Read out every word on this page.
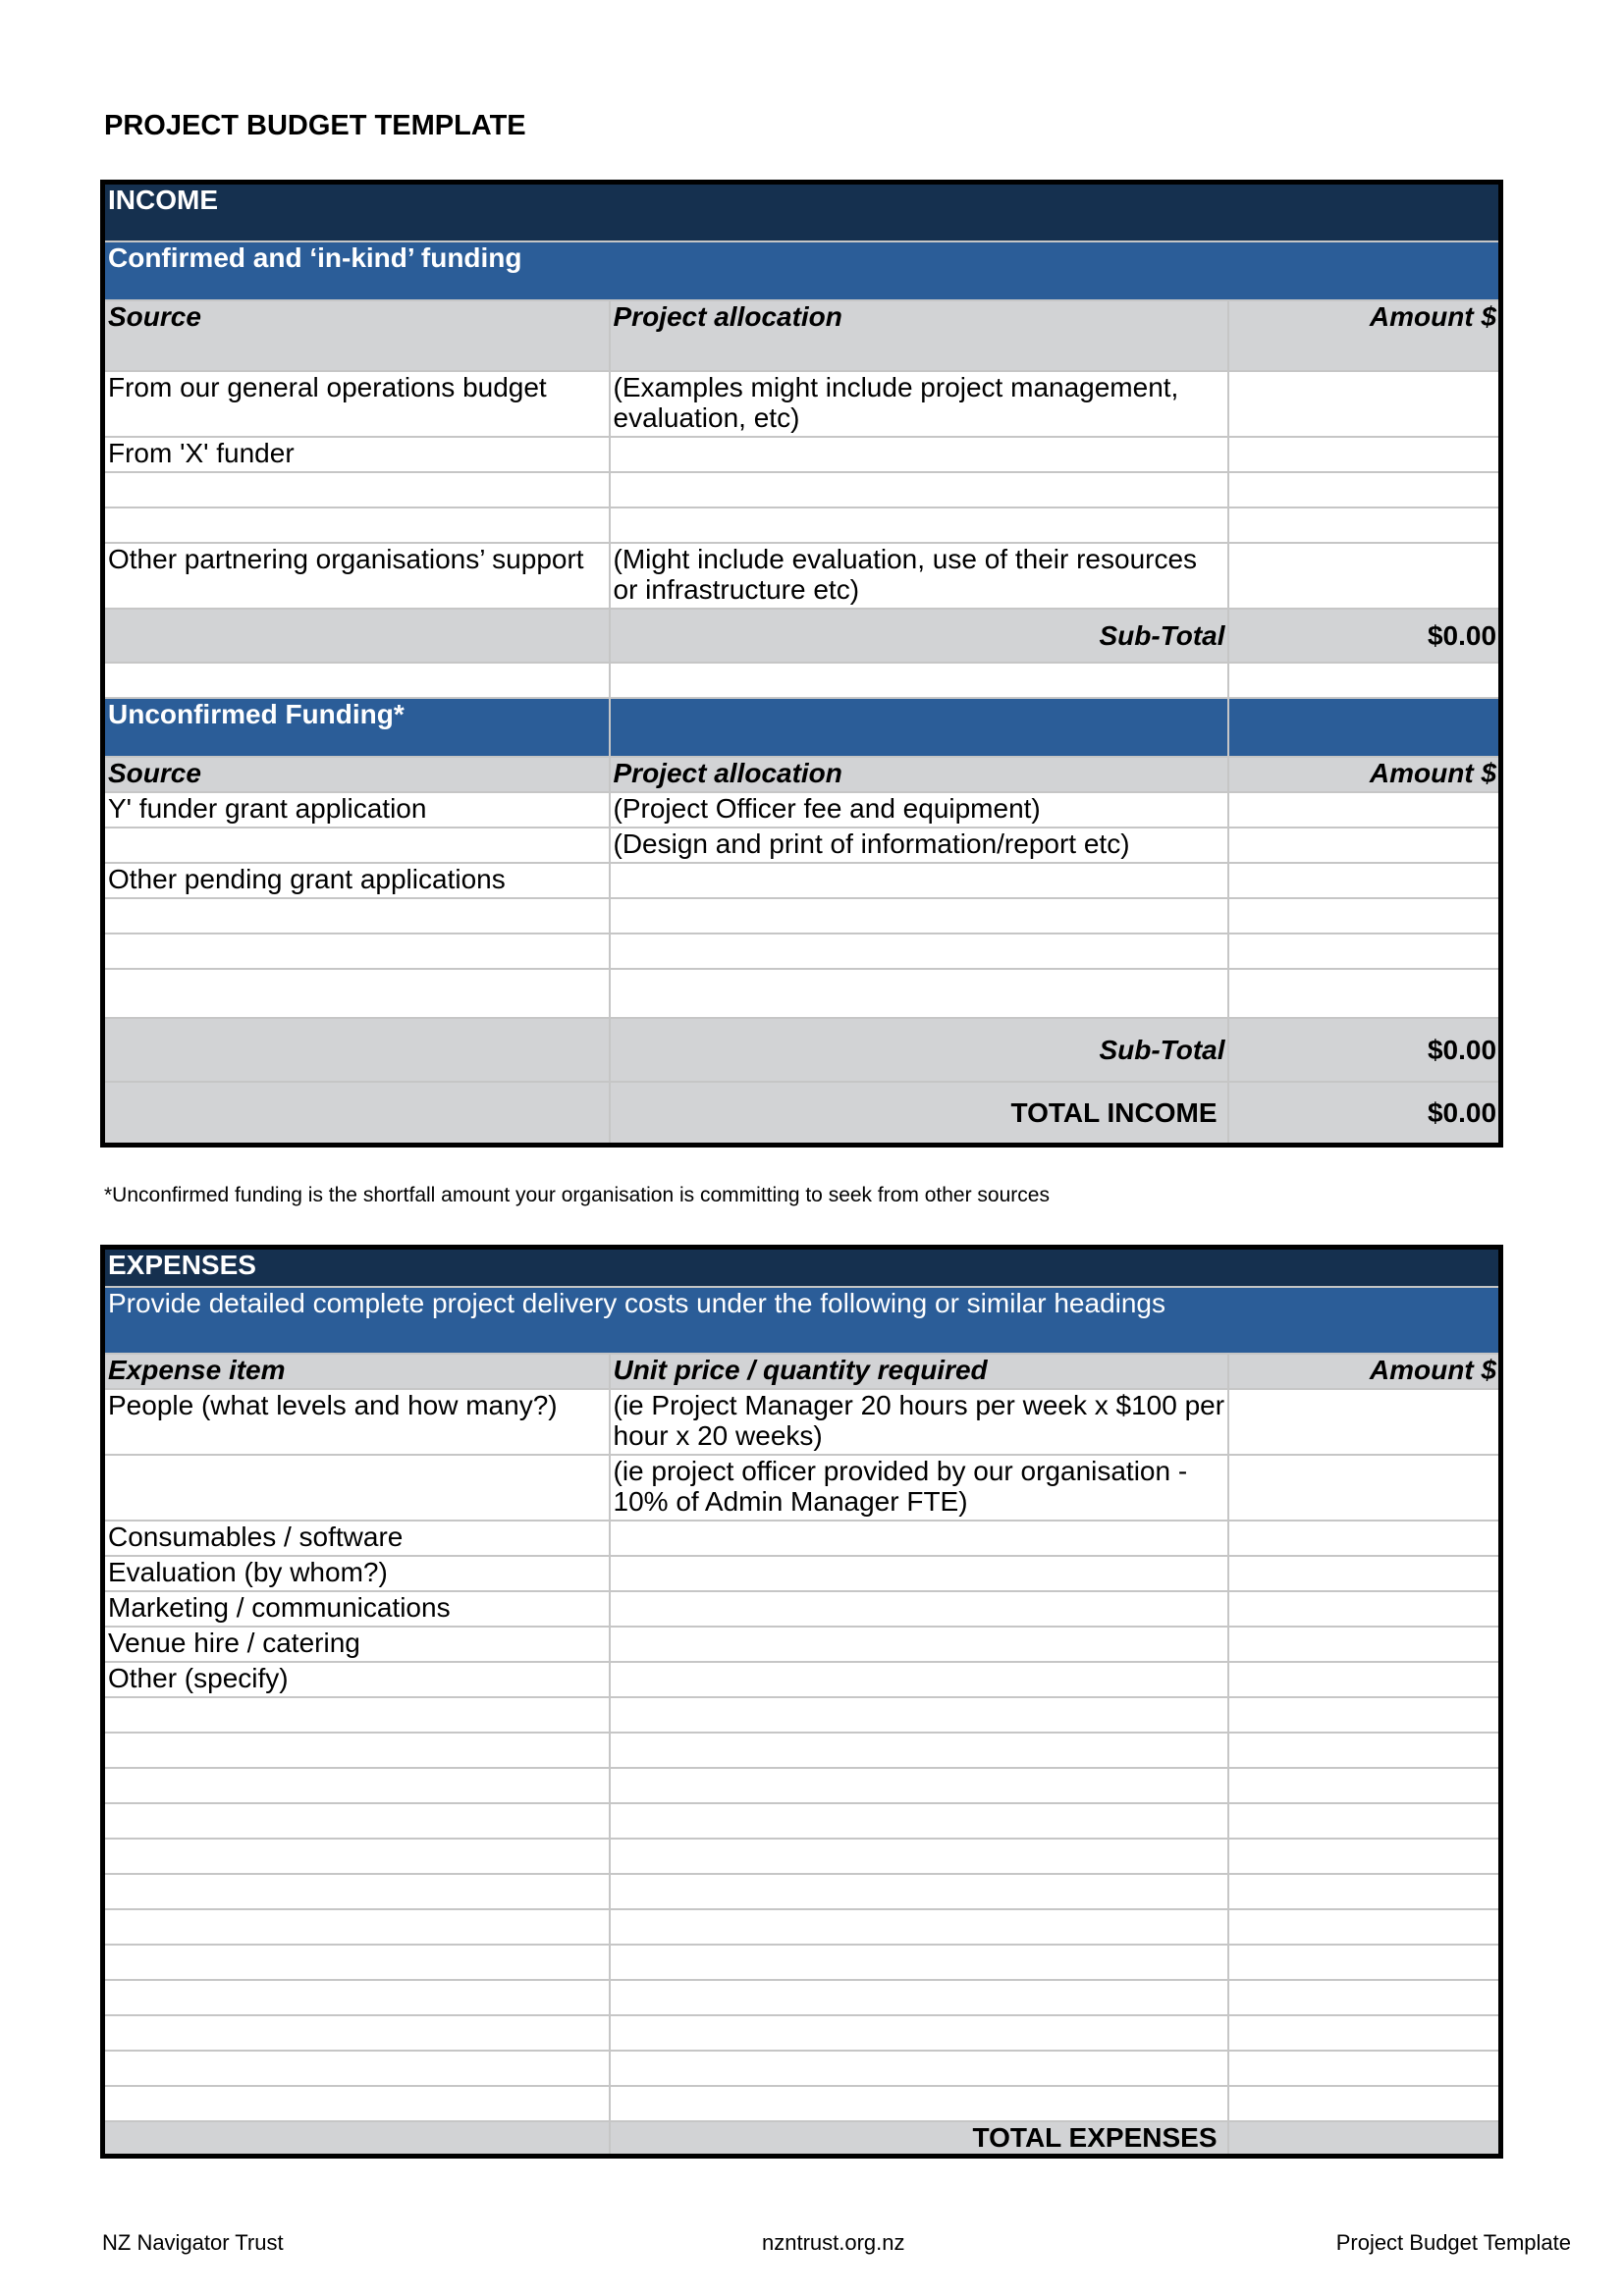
PROJECT BUDGET TEMPLATE
INCOME		
Confirmed and ‘in-kind’ funding		
Source	Project allocation	Amount $
From our general operations budget	(Examples might include project management, evaluation, etc)	
From 'X' funder		

Other partnering organisations’ support	(Might include evaluation, use of their resources or infrastructure etc)	
	Sub-Total	$0.00

Unconfirmed Funding*		
Source	Project allocation	Amount $
Y' funder grant application	(Project Officer fee and equipment)	
	(Design and print of information/report etc)	
Other pending grant applications		

	Sub-Total	$0.00
	TOTAL INCOME	$0.00
*Unconfirmed funding is the shortfall amount your organisation is committing to seek from other sources
EXPENSES		
Provide detailed complete project delivery costs under the following or similar headings		
Expense item	Unit price / quantity required	Amount $
People (what levels and how many?)	(ie Project Manager 20 hours per week x $100 per hour x 20 weeks)	
	(ie project officer provided by our organisation - 10% of Admin Manager FTE)	
Consumables / software		
Evaluation (by whom?)		
Marketing / communications		
Venue hire / catering		
Other (specify)		

	TOTAL EXPENSES	
NZ Navigator Trust	nzntrust.org.nz	Project Budget Template
